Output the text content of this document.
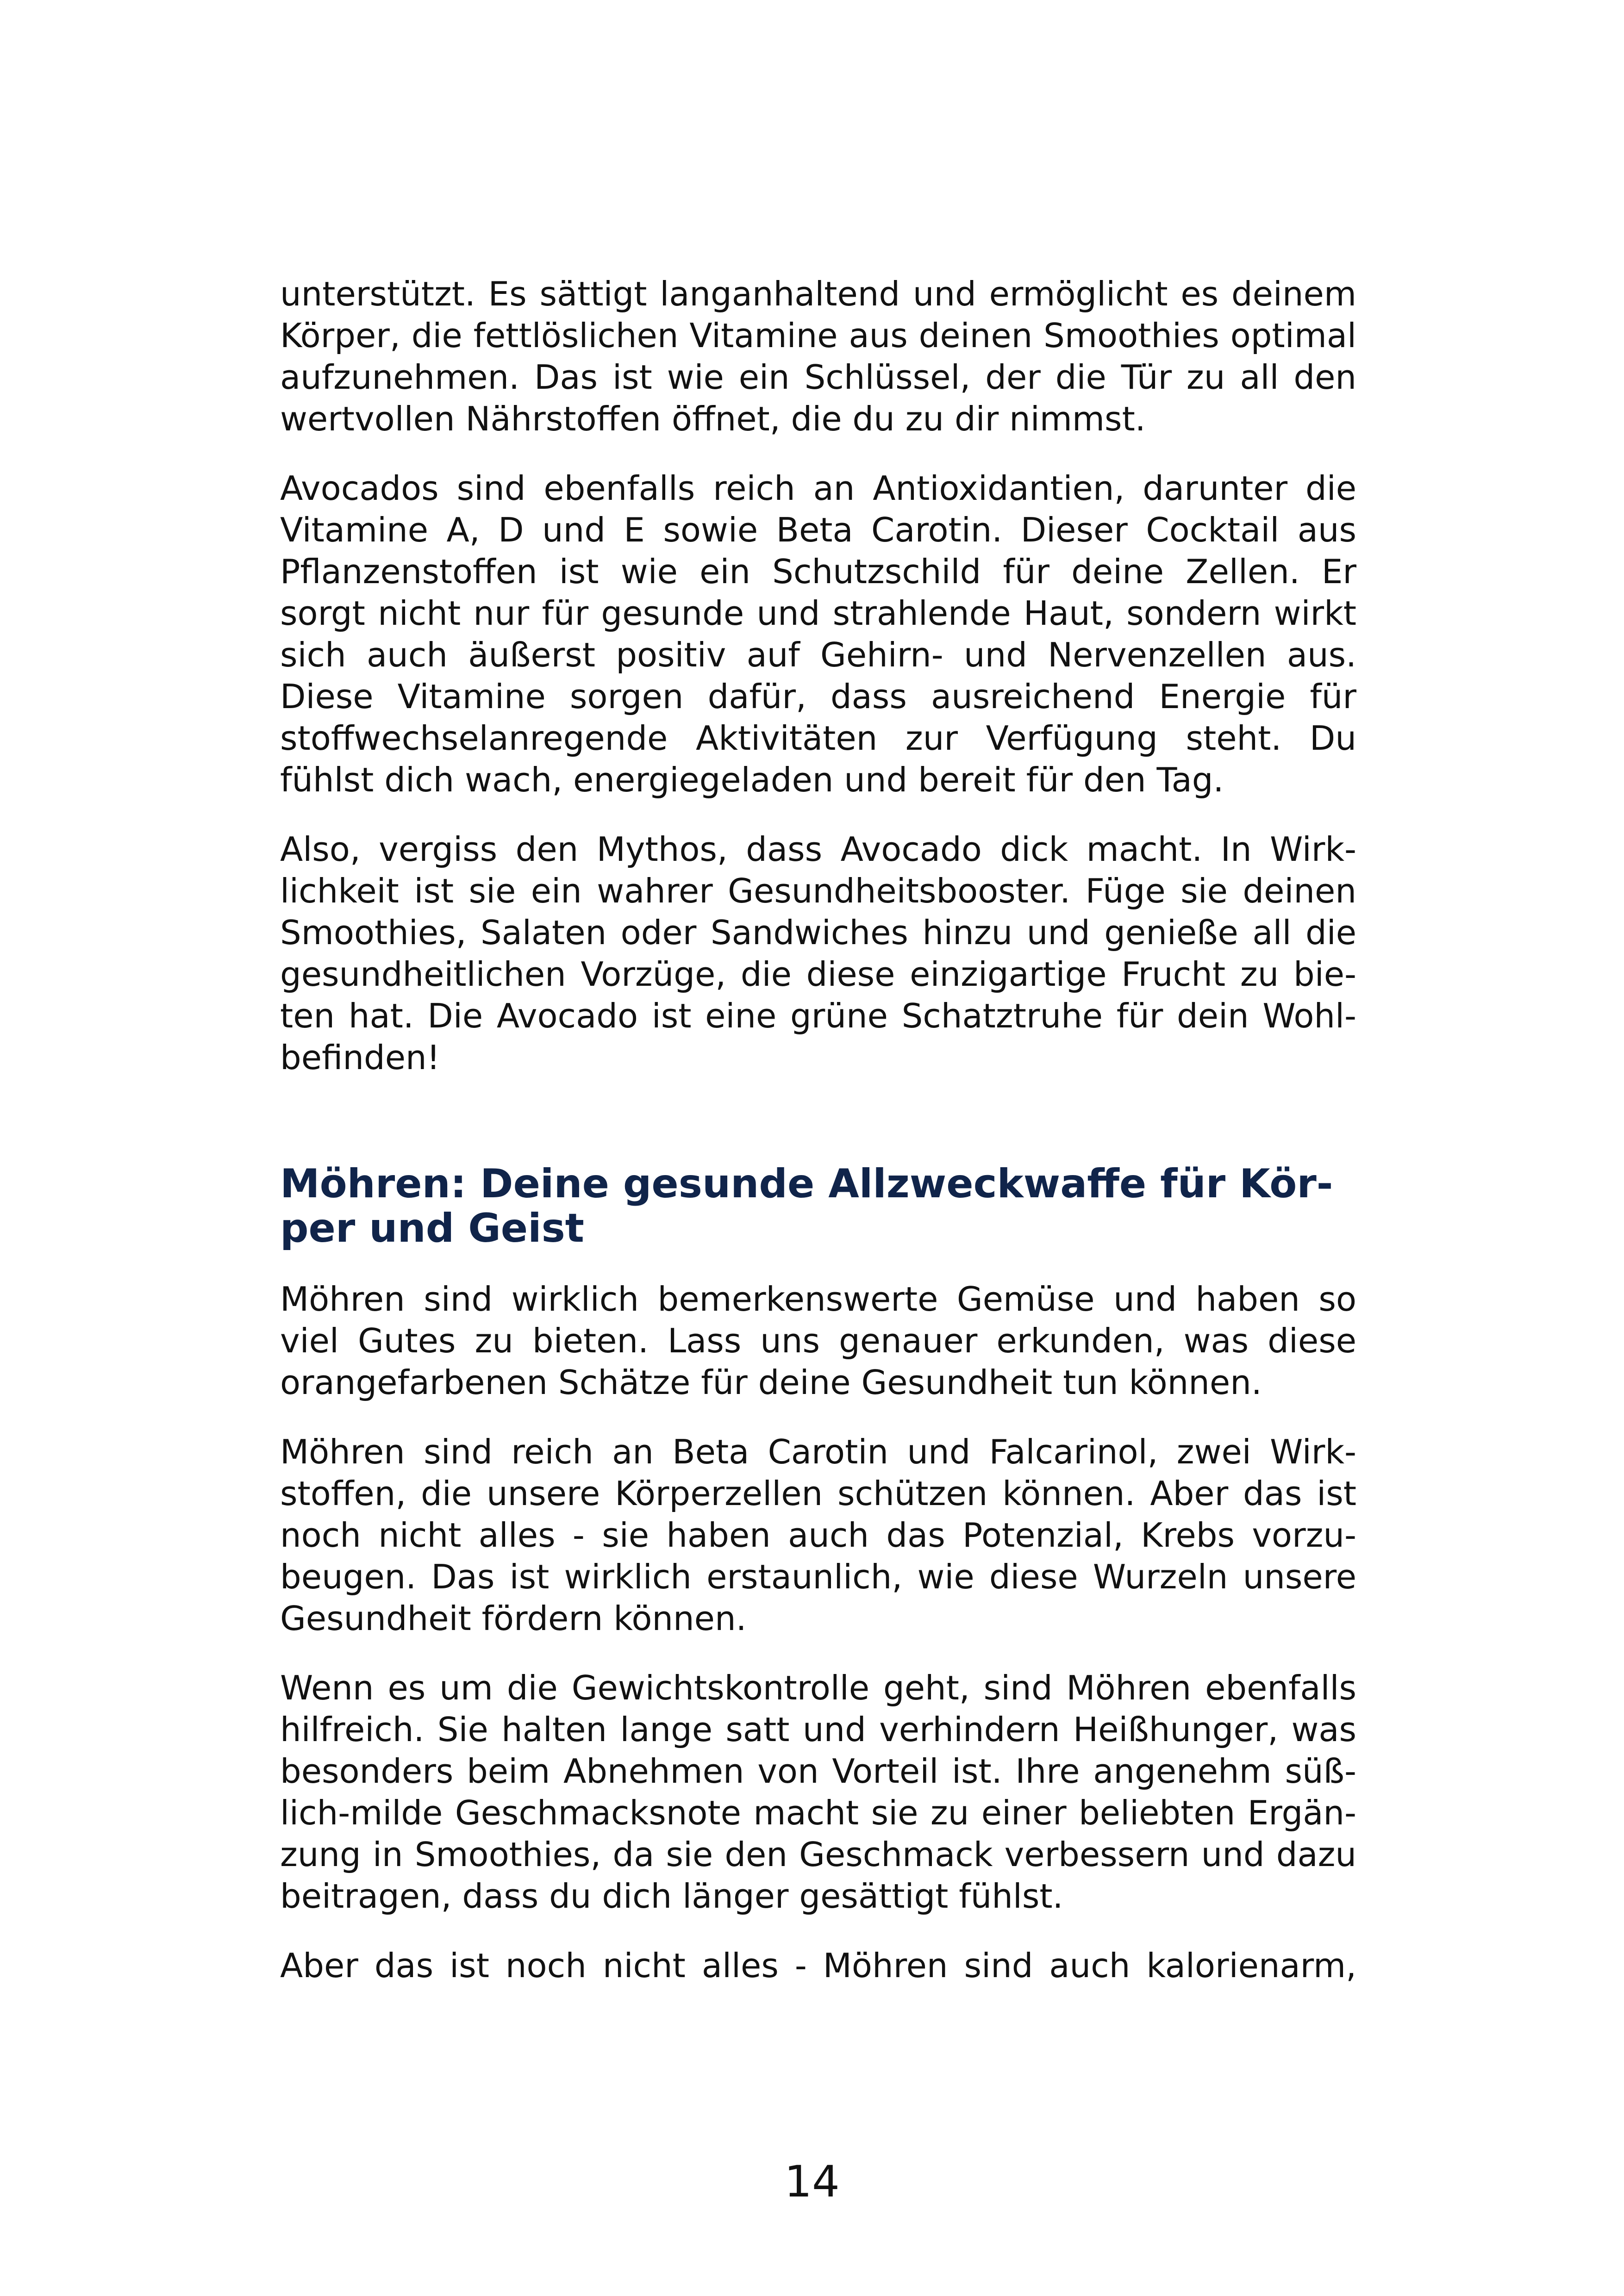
unterstützt. Es sättigt langanhaltend und ermöglicht es deinem Körper, die fettlöslichen Vitamine aus deinen Smoothies optimal aufzunehmen. Das ist wie ein Schlüssel, der die Tür zu all den wertvollen Nährstoffen öffnet, die du zu dir nimmst.

Avocados sind ebenfalls reich an Antioxidantien, darunter die Vitamine A, D und E sowie Beta Carotin. Dieser Cocktail aus Pflanzenstoffen ist wie ein Schutzschild für deine Zellen. Er sorgt nicht nur für gesunde und strahlende Haut, sondern wirkt sich auch äußerst positiv auf Gehirn- und Nervenzellen aus. Diese Vitamine sorgen dafür, dass ausreichend Energie für stoffwechselanregende Aktivitäten zur Verfügung steht. Du fühlst dich wach, energiegeladen und bereit für den Tag.

Also, vergiss den Mythos, dass Avocado dick macht. In Wirklichkeit ist sie ein wahrer Gesundheitsbooster. Füge sie deinen Smoothies, Salaten oder Sandwiches hinzu und genieße all die gesundheitlichen Vorzüge, die diese einzigartige Frucht zu bieten hat. Die Avocado ist eine grüne Schatztruhe für dein Wohlbefinden!

Möhren: Deine gesunde Allzweckwaffe für Körper und Geist

Möhren sind wirklich bemerkenswerte Gemüse und haben so viel Gutes zu bieten. Lass uns genauer erkunden, was diese orangefarbenen Schätze für deine Gesundheit tun können.

Möhren sind reich an Beta Carotin und Falcarinol, zwei Wirkstoffen, die unsere Körperzellen schützen können. Aber das ist noch nicht alles - sie haben auch das Potenzial, Krebs vorzubeugen. Das ist wirklich erstaunlich, wie diese Wurzeln unsere Gesundheit fördern können.

Wenn es um die Gewichtskontrolle geht, sind Möhren ebenfalls hilfreich. Sie halten lange satt und verhindern Heißhunger, was besonders beim Abnehmen von Vorteil ist. Ihre angenehm süßlich-milde Geschmacksnote macht sie zu einer beliebten Ergänzung in Smoothies, da sie den Geschmack verbessern und dazu beitragen, dass du dich länger gesättigt fühlst.

Aber das ist noch nicht alles - Möhren sind auch kalorienarm,

14
